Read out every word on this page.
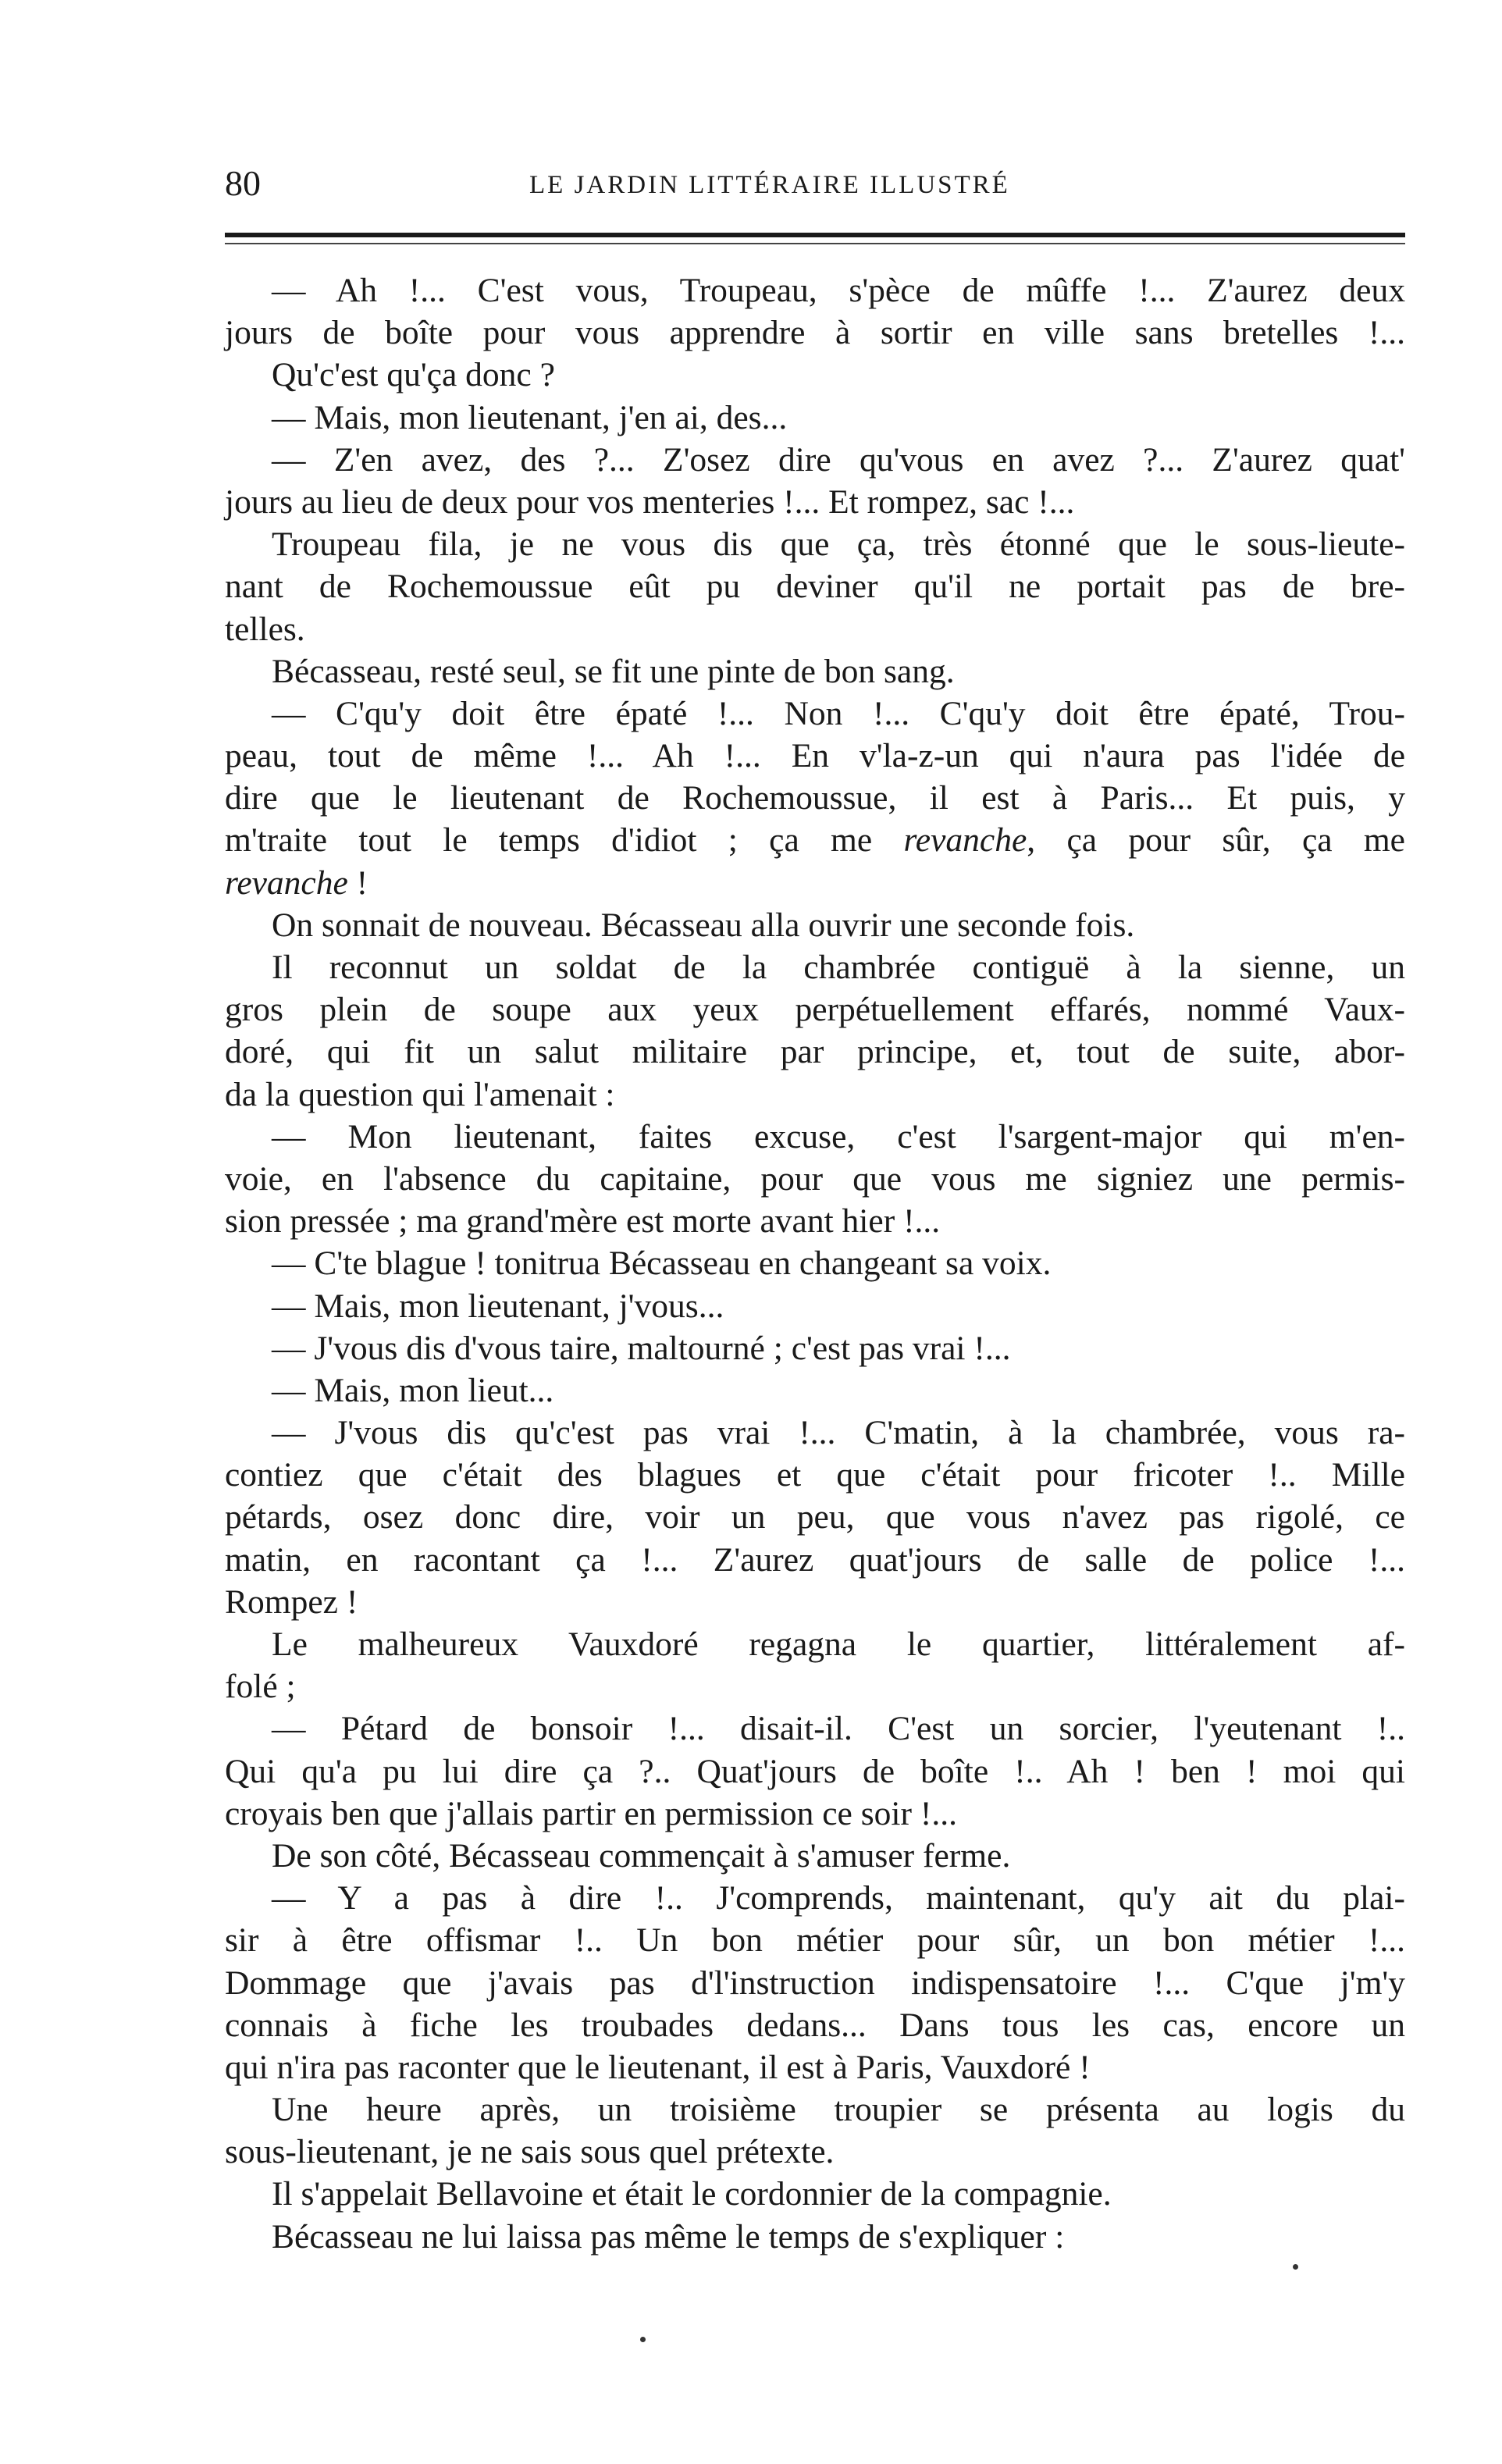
80	LE JARDIN LITTÉRAIRE ILLUSTRÉ
— Ah !... C'est vous, Troupeau, s'pèce de mûffe !... Z'aurez deux
jours de boîte pour vous apprendre à sortir en ville sans bretelles !...
Qu'c'est qu'ça donc ?
— Mais, mon lieutenant, j'en ai, des...
— Z'en avez, des ?... Z'osez dire qu'vous en avez ?... Z'aurez quat'
jours au lieu de deux pour vos menteries !... Et rompez, sac !...
Troupeau fila, je ne vous dis que ça, très étonné que le sous-lieute-
nant de Rochemoussue eût pu deviner qu'il ne portait pas de bre-
telles.
Bécasseau, resté seul, se fit une pinte de bon sang.
— C'qu'y doit être épaté !... Non !... C'qu'y doit être épaté, Trou-
peau, tout de même !... Ah !... En v'la-z-un qui n'aura pas l'idée de
dire que le lieutenant de Rochemoussue, il est à Paris... Et puis, y
m'traite tout le temps d'idiot ; ça me revanche, ça pour sûr, ça me
revanche !
On sonnait de nouveau. Bécasseau alla ouvrir une seconde fois.
Il reconnut un soldat de la chambrée contiguë à la sienne, un
gros plein de soupe aux yeux perpétuellement effarés, nommé Vaux-
doré, qui fit un salut militaire par principe, et, tout de suite, abor-
da la question qui l'amenait :
— Mon lieutenant, faites excuse, c'est l'sargent-major qui m'en-
voie, en l'absence du capitaine, pour que vous me signiez une permis-
sion pressée ; ma grand'mère est morte avant hier !...
— C'te blague ! tonitrua Bécasseau en changeant sa voix.
— Mais, mon lieutenant, j'vous...
— J'vous dis d'vous taire, maltourné ; c'est pas vrai !...
— Mais, mon lieut...
— J'vous dis qu'c'est pas vrai !... C'matin, à la chambrée, vous ra-
contiez que c'était des blagues et que c'était pour fricoter !.. Mille
pétards, osez donc dire, voir un peu, que vous n'avez pas rigolé, ce
matin, en racontant ça !... Z'aurez quat'jours de salle de police !...
Rompez !
Le malheureux Vauxdoré regagna le quartier, littéralement af-
folé ;
— Pétard de bonsoir !... disait-il. C'est un sorcier, l'yeutenant !..
Qui qu'a pu lui dire ça ?.. Quat'jours de boîte !.. Ah ! ben ! moi qui
croyais ben que j'allais partir en permission ce soir !...
De son côté, Bécasseau commençait à s'amuser ferme.
— Y a pas à dire !.. J'comprends, maintenant, qu'y ait du plai-
sir à être offismar !.. Un bon métier pour sûr, un bon métier !...
Dommage que j'avais pas d'l'instruction indispensatoire !... C'que j'm'y
connais à fiche les troubades dedans... Dans tous les cas, encore un
qui n'ira pas raconter que le lieutenant, il est à Paris, Vauxdoré !
Une heure après, un troisième troupier se présenta au logis du
sous-lieutenant, je ne sais sous quel prétexte.
Il s'appelait Bellavoine et était le cordonnier de la compagnie.
Bécasseau ne lui laissa pas même le temps de s'expliquer :
